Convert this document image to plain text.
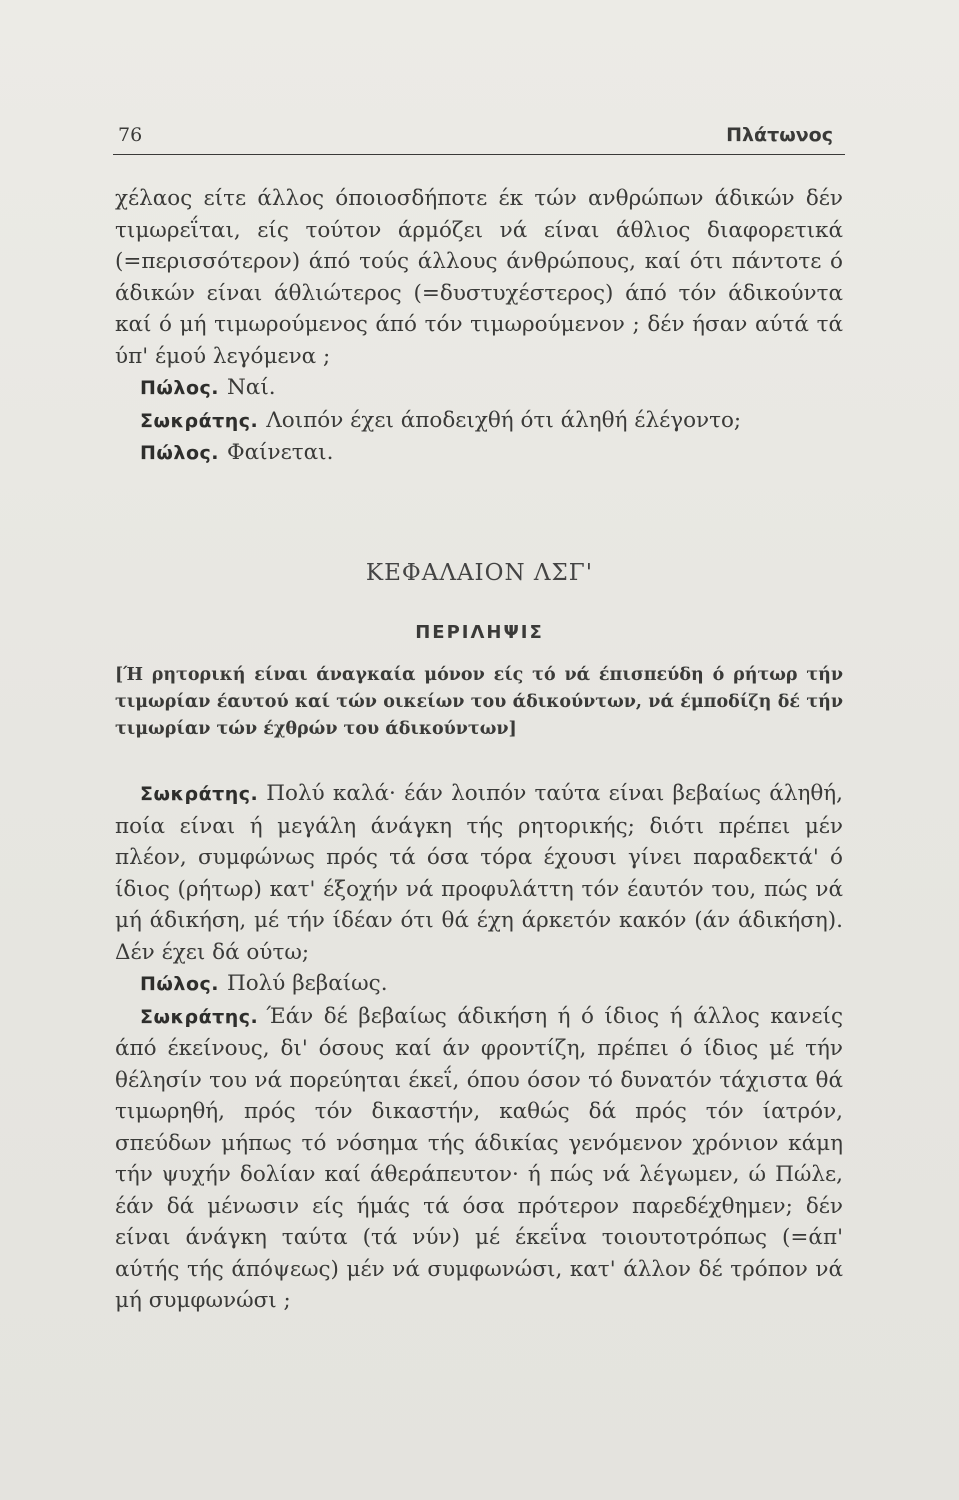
76	Πλάτωνος

χέλαος είτε άλλος όποιοσδήποτε έκ τών ανθρώπων άδικών δέν τιμωρεΐται, είς τούτον άρμόζει νά είναι άθλιος διαφορετικά (=περισσότερον) άπό τούς άλλους άνθρώπους, καί ότι πάντοτε ό άδικών είναι άθλιώτερος (=δυστυχέστερος) άπό τόν άδικούντα καί ό μή τιμωρούμενος άπό τόν τιμωρούμενον ; δέν ήσαν αύτά τά ύπ' έμού λεγόμενα ;

Πώλος. Ναί.

Σωκράτης. Λοιπόν έχει άποδειχθή ότι άληθή έλέγοντο;

Πώλος. Φαίνεται.

ΚΕΦΑΛΑΙΟΝ ΛΣΓ'
ΠΕΡΙΛΗΨΙΣ

[Ή ρητορική είναι άναγκαία μόνον είς τό νά έπισπεύδη ό ρήτωρ τήν τιμωρίαν έαυτού καί τών οικείων του άδικούντων, νά έμποδίζη δέ τήν τιμωρίαν τών έχθρών του άδικούντων]

Σωκράτης. Πολύ καλά· έάν λοιπόν ταύτα είναι βεβαίως άληθή, ποία είναι ή μεγάλη άνάγκη τής ρητορικής; διότι πρέπει μέν πλέον, συμφώνως πρός τά όσα τόρα έχουσι γίνει παραδεκτά' ό ίδιος (ρήτωρ) κατ' έξοχήν νά προφυλάττη τόν έαυτόν του, πώς νά μή άδικήση, μέ τήν ίδέαν ότι θά έχη άρκετόν κακόν (άν άδικήση). Δέν έχει δά ούτω;

Πώλος. Πολύ βεβαίως.

Σωκράτης. Έάν δέ βεβαίως άδικήση ή ό ίδιος ή άλλος κανείς άπό έκείνους, δι' όσους καί άν φροντίζη, πρέπει ό ίδιος μέ τήν θέλησίν του νά πορεύηται έκεΐ, όπου όσον τό δυνατόν τάχιστα θά τιμωρηθή, πρός τόν δικαστήν, καθώς δά πρός τόν ίατρόν, σπεύδων μήπως τό νόσημα τής άδικίας γενόμενον χρόνιον κάμη τήν ψυχήν δολίαν καί άθεράπευτον· ή πώς νά λέγωμεν, ώ Πώλε, έάν δά μένωσιν είς ήμάς τά όσα πρότερον παρεδέχθημεν; δέν είναι άνάγκη ταύτα (τά νύν) μέ έκεΐνα τοιουτοτρόπως (=άπ' αύτής τής άπόψεως) μέν νά συμφωνώσι, κατ' άλλον δέ τρόπον νά μή συμφωνώσι ;
